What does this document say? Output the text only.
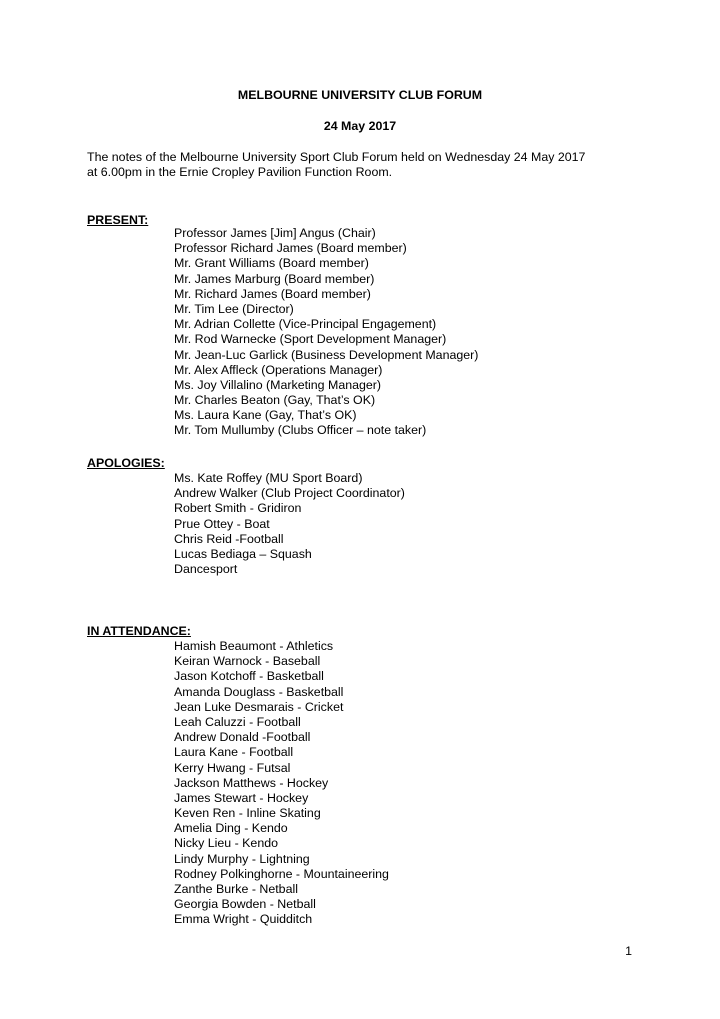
MELBOURNE UNIVERSITY CLUB FORUM
24 May 2017
The notes of the Melbourne University Sport Club Forum held on Wednesday 24 May 2017
at 6.00pm in the Ernie Cropley Pavilion Function Room.
PRESENT:
Professor James [Jim] Angus (Chair)
Professor Richard James (Board member)
Mr. Grant Williams (Board member)
Mr. James Marburg (Board member)
Mr. Richard James (Board member)
Mr. Tim Lee (Director)
Mr. Adrian Collette (Vice-Principal Engagement)
Mr. Rod Warnecke (Sport Development Manager)
Mr. Jean-Luc Garlick (Business Development Manager)
Mr. Alex Affleck (Operations Manager)
Ms. Joy Villalino (Marketing Manager)
Mr. Charles Beaton (Gay, That’s OK)
Ms. Laura Kane (Gay, That’s OK)
Mr. Tom Mullumby (Clubs Officer – note taker)
APOLOGIES:
Ms. Kate Roffey (MU Sport Board)
Andrew Walker (Club Project Coordinator)
Robert Smith - Gridiron
Prue Ottey - Boat
Chris Reid -Football
Lucas Bediaga – Squash
Dancesport
IN ATTENDANCE:
Hamish Beaumont - Athletics
Keiran Warnock - Baseball
Jason Kotchoff - Basketball
Amanda Douglass - Basketball
Jean Luke Desmarais - Cricket
Leah Caluzzi - Football
Andrew Donald -Football
Laura Kane - Football
Kerry Hwang - Futsal
Jackson Matthews - Hockey
James Stewart - Hockey
Keven Ren - Inline Skating
Amelia Ding - Kendo
Nicky Lieu - Kendo
Lindy Murphy - Lightning
Rodney Polkinghorne - Mountaineering
Zanthe Burke - Netball
Georgia Bowden - Netball
Emma Wright - Quidditch
1
